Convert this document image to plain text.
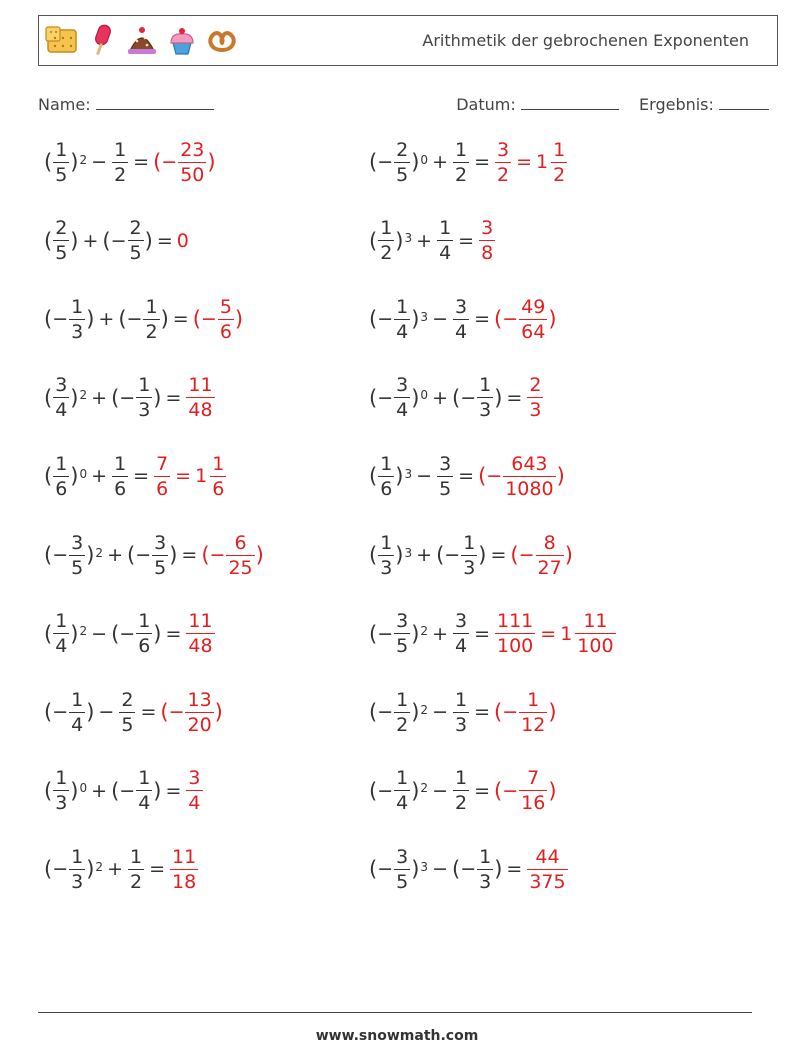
Arithmetik der gebrochenen Exponenten
Name:	Datum:	Ergebnis:
( $\frac{1}{5}$ ) $2 - \frac{1}{2}$ = ( − $\frac{23}{50}$ )	( − $\frac{2}{5}$ ) $0 + \frac{1}{2} = \frac{3}{2} = 1 \frac{1}{2}$
( $\frac{2}{5}$ ) + ( − $\frac{2}{5}$ ) = 0	( $\frac{1}{2}$ ) $3 + \frac{1}{4} = \frac{3}{8}$
( − $\frac{1}{3}$ ) + ( − $\frac{1}{2}$ ) = ( − $\frac{5}{6}$ )	( − $\frac{1}{4}$ ) $3 - \frac{3}{4}$ = ( − $\frac{49}{64}$ )
( $\frac{3}{4}$ ) 2 + ( − $\frac{1}{3}$ ) = $\frac{11}{48}$	( − $\frac{3}{4}$ ) 0 + ( − $\frac{1}{3}$ ) = $\frac{2}{3}$
( $\frac{1}{6}$ ) $0 + \frac{1}{6} = \frac{7}{6} = 1 \frac{1}{6}$	( $\frac{1}{6}$ ) $3 - \frac{3}{5}$ = ( − $\frac{643}{1080}$ )
( − $\frac{3}{5}$ ) 2 + ( − $\frac{3}{5}$ ) = ( − $\frac{6}{25}$ )	( $\frac{1}{3}$ ) 3 + ( − $\frac{1}{3}$ ) = ( − $\frac{8}{27}$ )
( $\frac{1}{4}$ ) 2 − ( − $\frac{1}{6}$ ) = $\frac{11}{48}$	( − $\frac{3}{5}$ ) $2 + \frac{3}{4} = \frac{111}{100} = 1 \frac{11}{100}$
( − $\frac{1}{4}$ ) − $\frac{2}{5}$ = ( − $\frac{13}{20}$ )	( − $\frac{1}{2}$ ) $2 - \frac{1}{3}$ = ( − $\frac{1}{12}$ )
( $\frac{1}{3}$ ) 0 + ( − $\frac{1}{4}$ ) = $\frac{3}{4}$	( − $\frac{1}{4}$ ) $2 - \frac{1}{2}$ = ( − $\frac{7}{16}$ )
( − $\frac{1}{3}$ ) $2 + \frac{1}{2} = \frac{11}{18}$	( − $\frac{3}{5}$ ) 3 − ( − $\frac{1}{3}$ ) = $\frac{44}{375}$
www.snowmath.com
